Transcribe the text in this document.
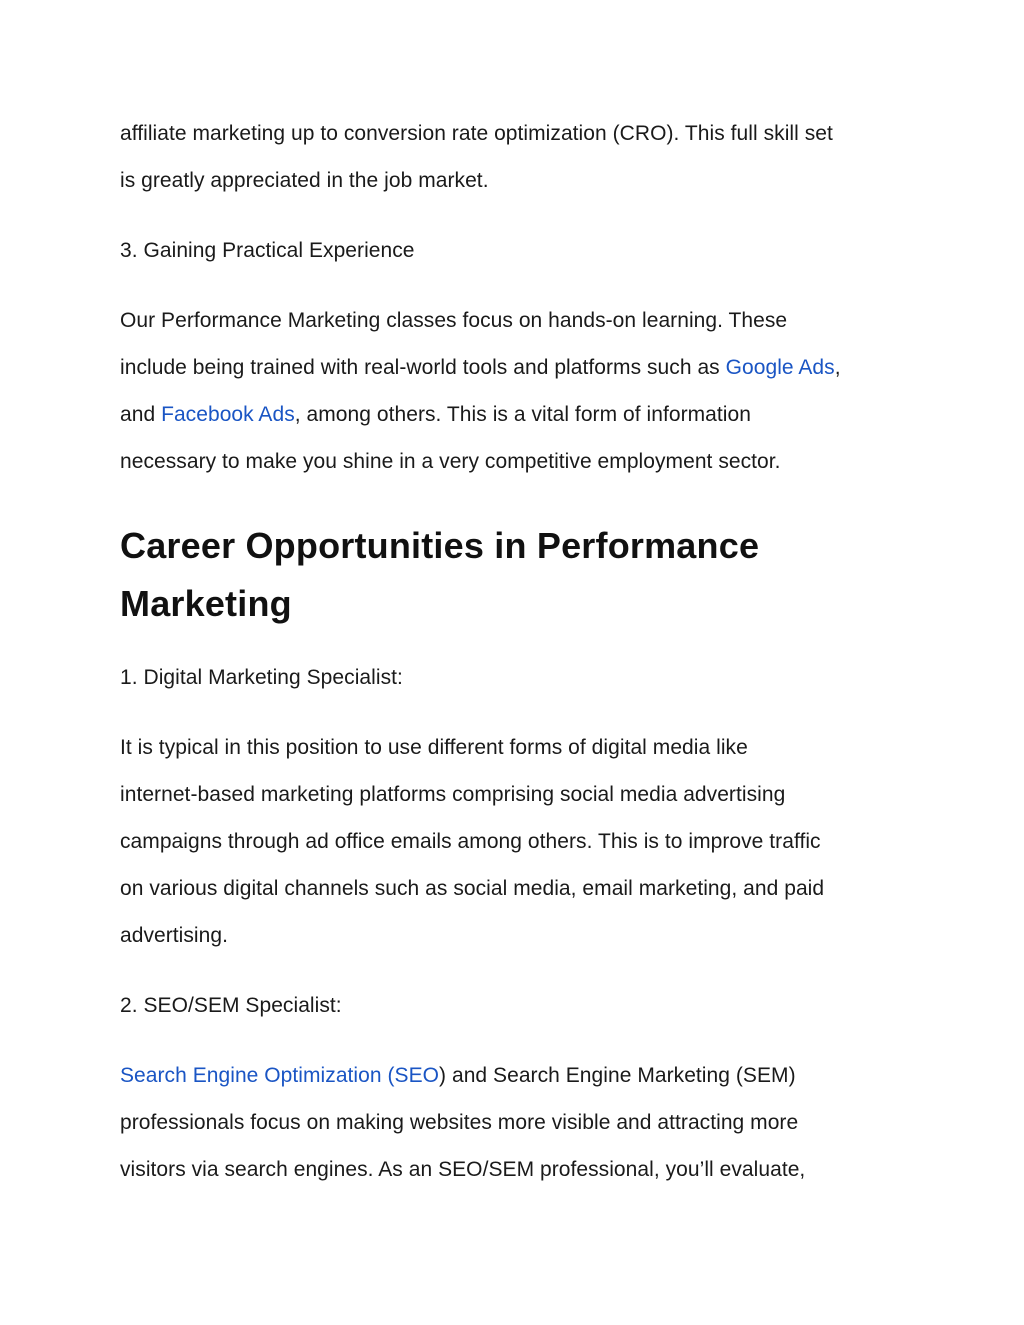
affiliate marketing up to conversion rate optimization (CRO). This full skill set

is greatly appreciated in the job market.

3. Gaining Practical Experience

Our Performance Marketing classes focus on hands-on learning. These

include being trained with real-world tools and platforms such as Google Ads,

and Facebook Ads, among others. This is a vital form of information

necessary to make you shine in a very competitive employment sector.

Career Opportunities in Performance
Marketing

1. Digital Marketing Specialist:

It is typical in this position to use different forms of digital media like

internet-based marketing platforms comprising social media advertising

campaigns through ad office emails among others. This is to improve traffic

on various digital channels such as social media, email marketing, and paid

advertising.

2. SEO/SEM Specialist:

Search Engine Optimization (SEO) and Search Engine Marketing (SEM)

professionals focus on making websites more visible and attracting more

visitors via search engines. As an SEO/SEM professional, you’ll evaluate,
